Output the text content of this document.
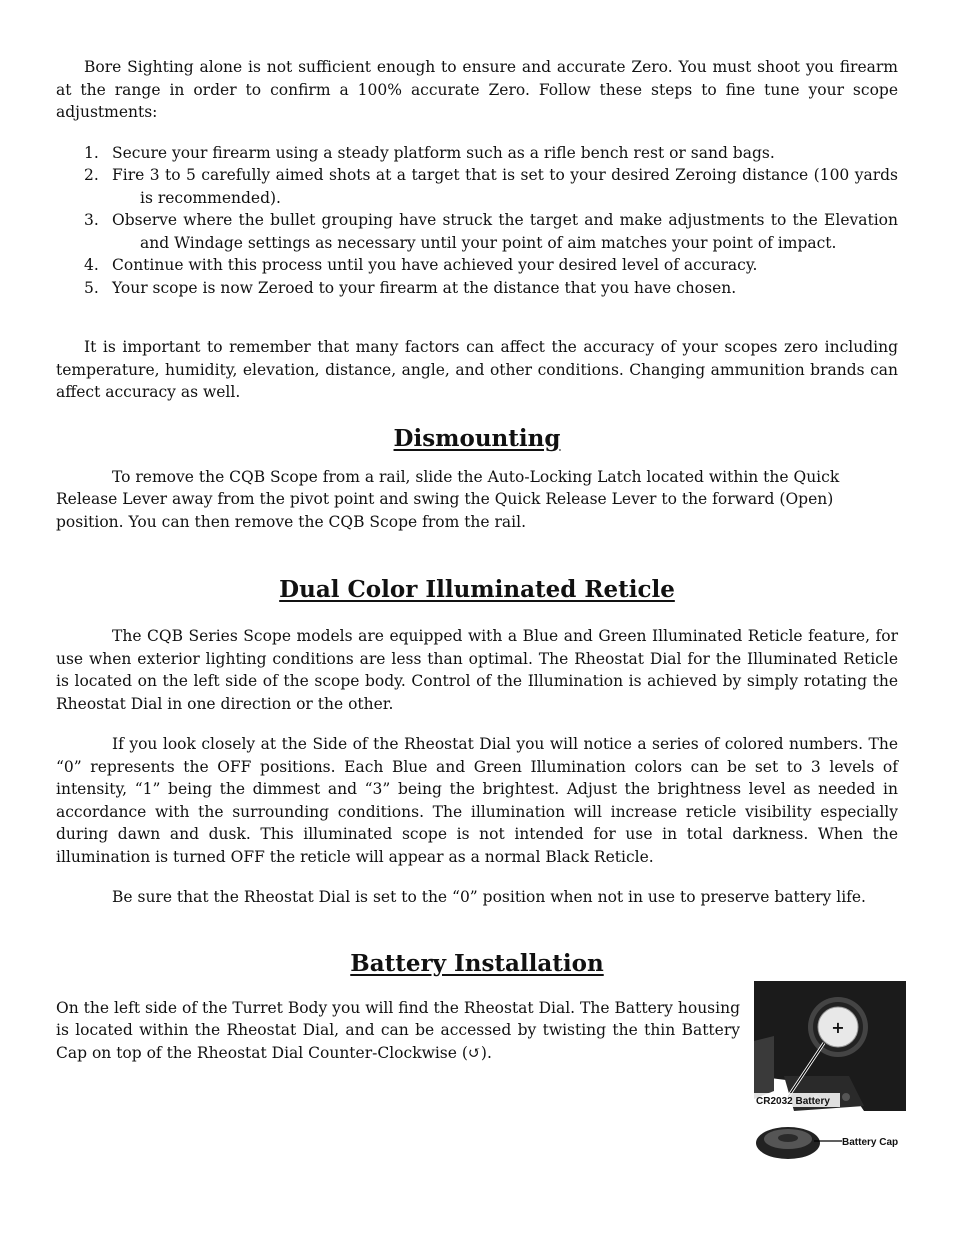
Bore Sighting alone is not sufficient enough to ensure and accurate Zero. You must shoot you firearm at the range in order to confirm a 100% accurate Zero. Follow these steps to fine tune your scope adjustments:

1. Secure your firearm using a steady platform such as a rifle bench rest or sand bags.
2. Fire 3 to 5 carefully aimed shots at a target that is set to your desired Zeroing distance (100 yards is recommended).
3. Observe where the bullet grouping have struck the target and make adjustments to the Elevation and Windage settings as necessary until your point of aim matches your point of impact.
4. Continue with this process until you have achieved your desired level of accuracy.
5. Your scope is now Zeroed to your firearm at the distance that you have chosen.

It is important to remember that many factors can affect the accuracy of your scopes zero including temperature, humidity, elevation, distance, angle, and other conditions. Changing ammunition brands can affect accuracy as well.

Dismounting

To remove the CQB Scope from a rail, slide the Auto-Locking Latch located within the Quick Release Lever away from the pivot point and swing the Quick Release Lever to the forward (Open) position. You can then remove the CQB Scope from the rail.

Dual Color Illuminated Reticle

The CQB Series Scope models are equipped with a Blue and Green Illuminated Reticle feature, for use when exterior lighting conditions are less than optimal. The Rheostat Dial for the Illuminated Reticle is located on the left side of the scope body. Control of the Illumination is achieved by simply rotating the Rheostat Dial in one direction or the other.

If you look closely at the Side of the Rheostat Dial you will notice a series of colored numbers. The “0” represents the OFF positions. Each Blue and Green Illumination colors can be set to 3 levels of intensity, “1” being the dimmest and “3” being the brightest. Adjust the brightness level as needed in accordance with the surrounding conditions. The illumination will increase reticle visibility especially during dawn and dusk. This illuminated scope is not intended for use in total darkness. When the illumination is turned OFF the reticle will appear as a normal Black Reticle.

Be sure that the Rheostat Dial is set to the “0” position when not in use to preserve battery life.

Battery Installation

On the left side of the Turret Body you will find the Rheostat Dial. The Battery housing is located within the Rheostat Dial, and can be accessed by twisting the thin Battery Cap on top of the Rheostat Dial Counter-Clockwise (↺).

+
CR2032 Battery
Battery Cap
